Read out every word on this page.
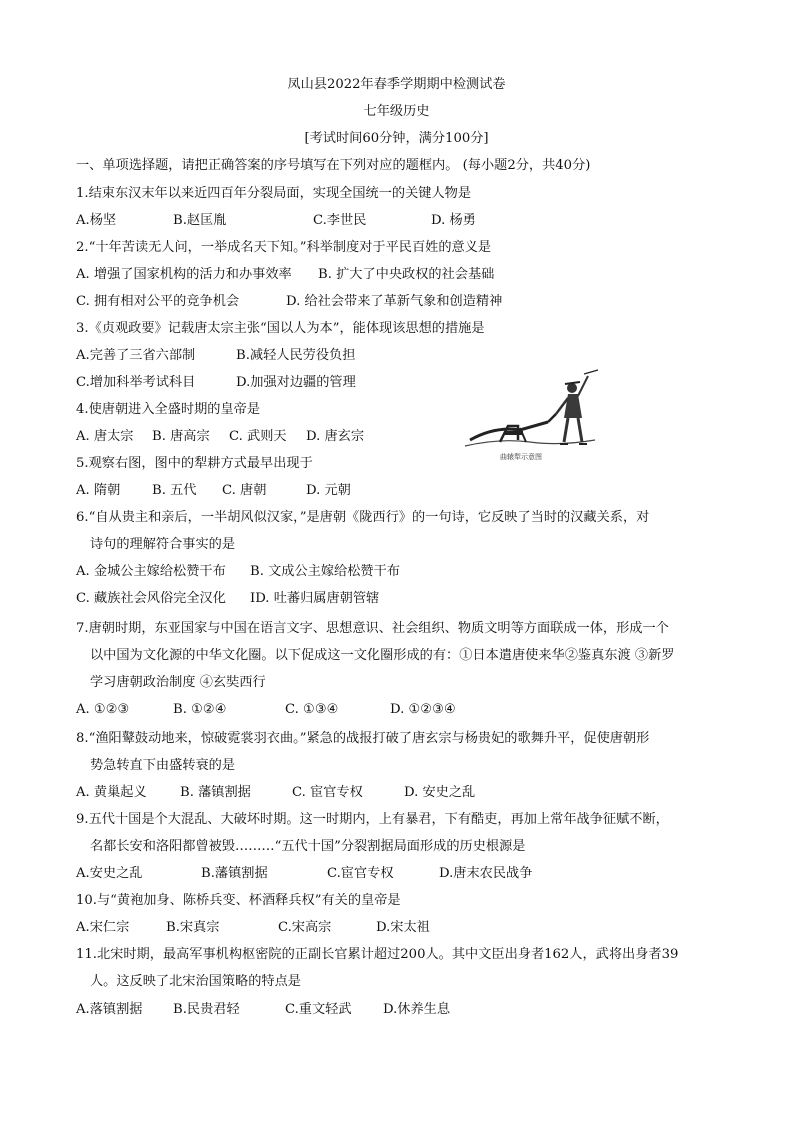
凤山县2022年春季学期期中检测试卷
七年级历史
[考试时间60分钟，满分100分]
一、单项选择题，请把正确答案的序号填写在下列对应的题框内。 (每小题2分，共40分)
1.结束东汉末年以来近四百年分裂局面，实现全国统一的关键人物是
A.杨坚	B.赵匡胤	C.李世民	D. 杨勇
2.“十年苦读无人问，一举成名天下知。”科举制度对于平民百姓的意义是
A. 增强了国家机构的活力和办事效率 B. 扩大了中央政权的社会基础
C. 拥有相对公平的竞争机会	D. 给社会带来了革新气象和创造精神
3.《贞观政要》记载唐太宗主张“国以人为本”，能体现该思想的措施是
A.完善了三省六部制	B.减轻人民劳役负担
C.增加科举考试科目	D.加强对边疆的管理
曲辕犁示意图
4.使唐朝进入全盛时期的皇帝是
A. 唐太宗 B. 唐高宗 C. 武则天 D. 唐玄宗
5.观察右图，图中的犁耕方式最早出现于
A. 隋朝 B. 五代 C. 唐朝	D. 元朝
6.“自从贵主和亲后，一半胡风似汉家，”是唐朝《陇西行》的一句诗，它反映了当时的汉藏关系，对
诗句的理解符合事实的是
A. 金城公主嫁给松赞干布 B. 文成公主嫁给松赞干布
C. 藏族社会风俗完全汉化 ID. 吐蕃归属唐朝管辖
7.唐朝时期，东亚国家与中国在语言文字、思想意识、社会组织、物质文明等方面联成一体，形成一个
以中国为文化源的中华文化圈。以下促成这一文化圈形成的有：①日本遣唐使来华②鉴真东渡 ③新罗
学习唐朝政治制度 ④玄奘西行
A. ①②③	B. ①②④	C. ①③④	D. ①②③④
8.“渔阳鼙鼓动地来，惊破霓裳羽衣曲。”紧急的战报打破了唐玄宗与杨贵妃的歌舞升平，促使唐朝形
势急转直下由盛转衰的是
A. 黄巢起义	B. 藩镇割据	C. 宦官专权	D. 安史之乱
9.五代十国是个大混乱、大破坏时期。这一时期内，上有暴君，下有酷吏，再加上常年战争征赋不断，
名都长安和洛阳都曾被毁………“五代十国”分裂割据局面形成的历史根源是
A.安史之乱	B.藩镇割据	C.宦官专权	D.唐末农民战争
10.与“黄袍加身、陈桥兵变、杯酒释兵权”有关的皇帝是
A.宋仁宗	B.宋真宗	C.宋高宗	D.宋太祖
11.北宋时期，最高军事机构枢密院的正副长官累计超过200人。其中文臣出身者162人，武将出身者39
人。这反映了北宋治国策略的特点是
A.落镇割据 B.民贵君轻	C.重文轻武 D.休养生息
